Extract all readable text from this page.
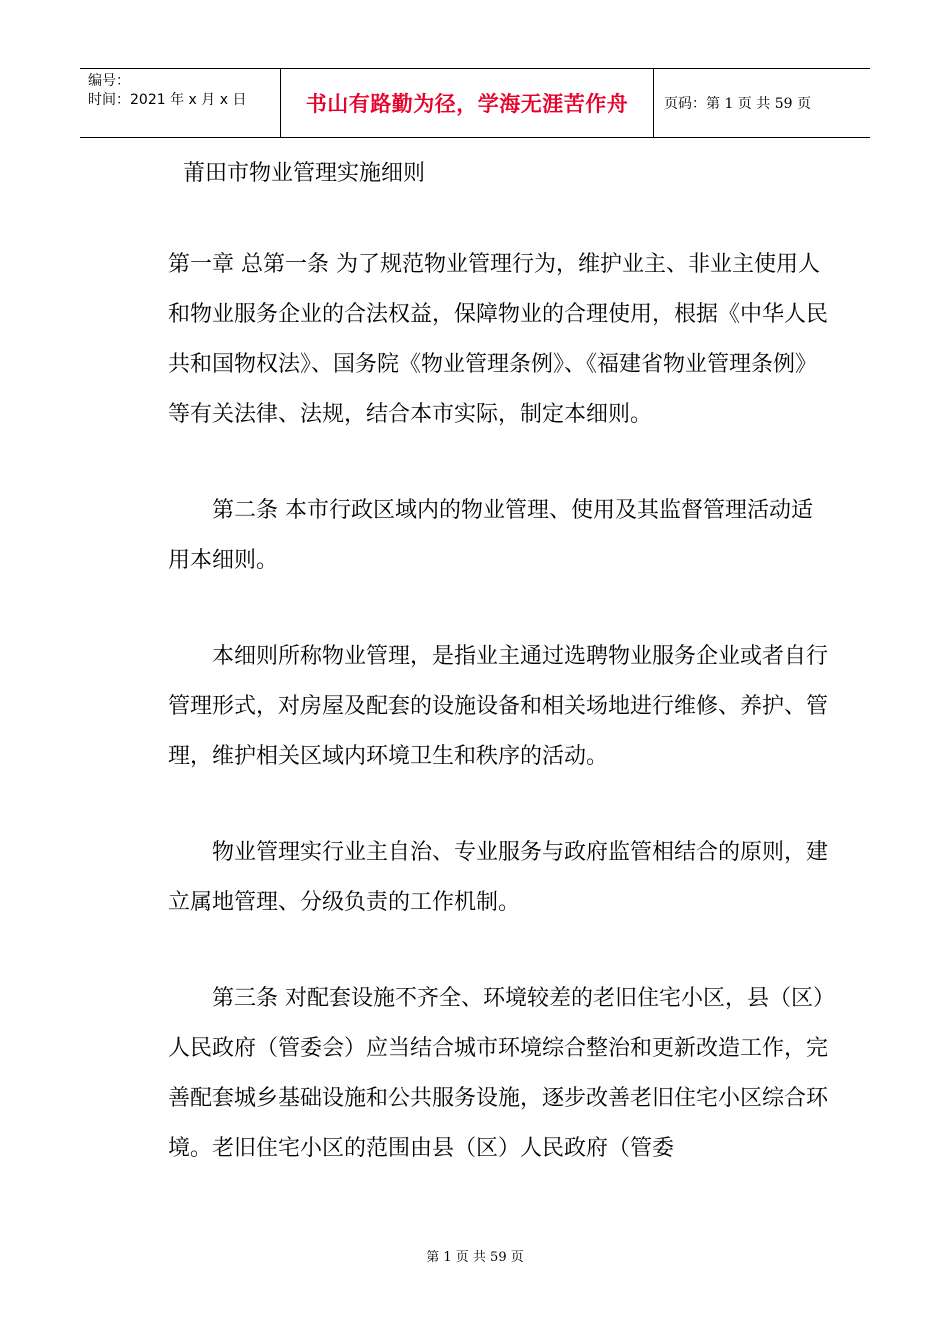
编号：
时间：2021 年 x 月 x 日	书山有路勤为径，学海无涯苦作舟	页码：第 1 页 共 59 页
莆田市物业管理实施细则

第一章 总第一条 为了规范物业管理行为，维护业主、非业主使用人和物业服务企业的合法权益，保障物业的合理使用，根据《中华人民共和国物权法》、国务院《物业管理条例》、《福建省物业管理条例》等有关法律、法规，结合本市实际，制定本细则。

第二条 本市行政区域内的物业管理、使用及其监督管理活动适用本细则。

本细则所称物业管理，是指业主通过选聘物业服务企业或者自行管理形式，对房屋及配套的设施设备和相关场地进行维修、养护、管理，维护相关区域内环境卫生和秩序的活动。

物业管理实行业主自治、专业服务与政府监管相结合的原则，建立属地管理、分级负责的工作机制。

第三条 对配套设施不齐全、环境较差的老旧住宅小区，县（区）人民政府（管委会）应当结合城市环境综合整治和更新改造工作，完善配套城乡基础设施和公共服务设施，逐步改善老旧住宅小区综合环境。老旧住宅小区的范围由县（区）人民政府（管委

第 1 页 共 59 页
